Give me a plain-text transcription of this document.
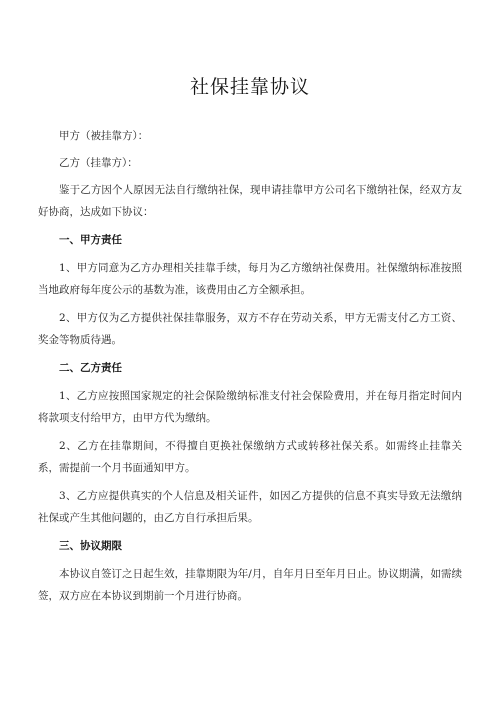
社保挂靠协议

甲方（被挂靠方）：

乙方（挂靠方）：

鉴于乙方因个人原因无法自行缴纳社保，现申请挂靠甲方公司名下缴纳社保，经双方友好协商，达成如下协议：

一、甲方责任

1、甲方同意为乙方办理相关挂靠手续，每月为乙方缴纳社保费用。社保缴纳标准按照当地政府每年度公示的基数为准，该费用由乙方全额承担。

2、甲方仅为乙方提供社保挂靠服务，双方不存在劳动关系，甲方无需支付乙方工资、奖金等物质待遇。

二、乙方责任

1、乙方应按照国家规定的社会保险缴纳标准支付社会保险费用，并在每月指定时间内将款项支付给甲方，由甲方代为缴纳。

2、乙方在挂靠期间，不得擅自更换社保缴纳方式或转移社保关系。如需终止挂靠关系，需提前一个月书面通知甲方。

3、乙方应提供真实的个人信息及相关证件，如因乙方提供的信息不真实导致无法缴纳社保或产生其他问题的，由乙方自行承担后果。

三、协议期限

本协议自签订之日起生效，挂靠期限为年/月，自年月日至年月日止。协议期满，如需续签，双方应在本协议到期前一个月进行协商。
